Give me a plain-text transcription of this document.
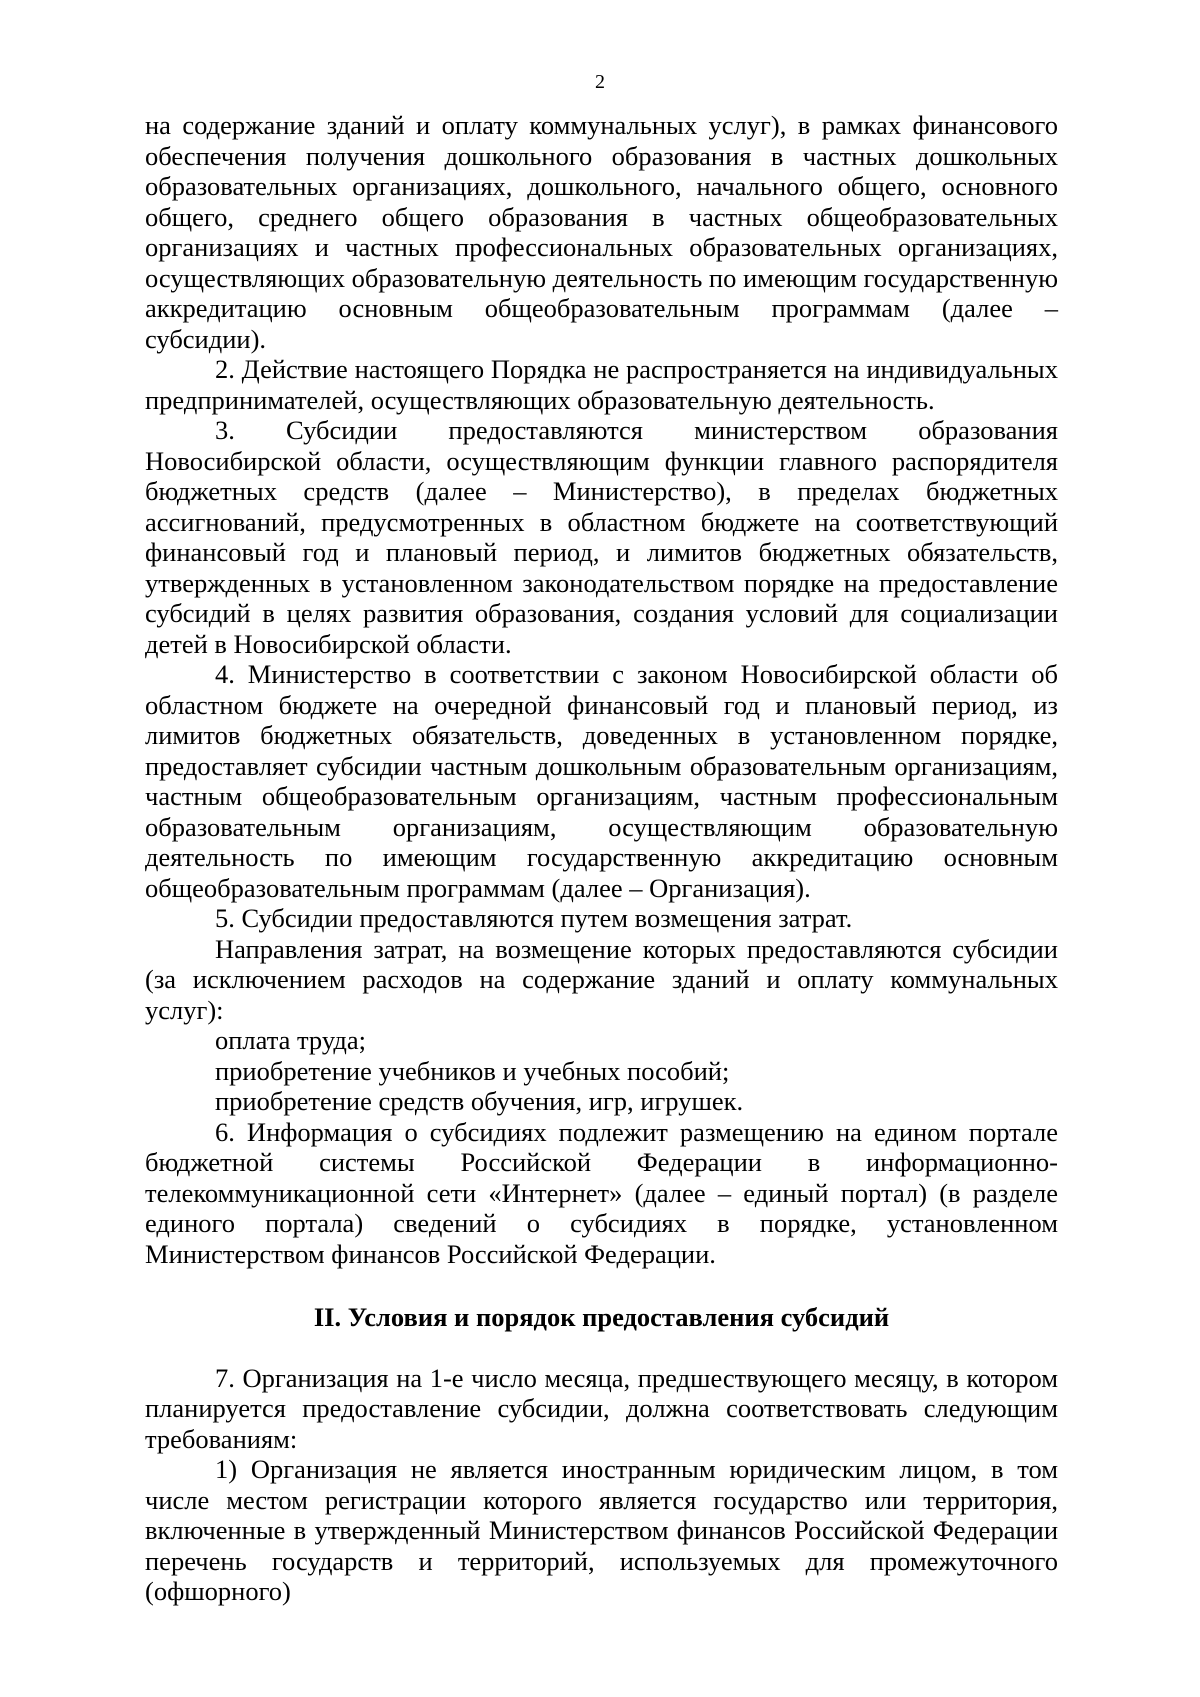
2

на содержание зданий и оплату коммунальных услуг), в рамках финансового обеспечения получения дошкольного образования в частных дошкольных образовательных организациях, дошкольного, начального общего, основного общего, среднего общего образования в частных общеобразовательных организациях и частных профессиональных образовательных организациях, осуществляющих образовательную деятельность по имеющим государственную аккредитацию основным общеобразовательным программам (далее – субсидии).

2. Действие настоящего Порядка не распространяется на индивидуальных предпринимателей, осуществляющих образовательную деятельность.

3. Субсидии предоставляются министерством образования Новосибирской области, осуществляющим функции главного распорядителя бюджетных средств (далее – Министерство), в пределах бюджетных ассигнований, предусмотренных в областном бюджете на соответствующий финансовый год и плановый период, и лимитов бюджетных обязательств, утвержденных в установленном законодательством порядке на предоставление субсидий в целях развития образования, создания условий для социализации детей в Новосибирской области.

4. Министерство в соответствии с законом Новосибирской области об областном бюджете на очередной финансовый год и плановый период, из лимитов бюджетных обязательств, доведенных в установленном порядке, предоставляет субсидии частным дошкольным образовательным организациям, частным общеобразовательным организациям, частным профессиональным образовательным организациям, осуществляющим образовательную деятельность по имеющим государственную аккредитацию основным общеобразовательным программам (далее – Организация).

5. Субсидии предоставляются путем возмещения затрат.

Направления затрат, на возмещение которых предоставляются субсидии (за исключением расходов на содержание зданий и оплату коммунальных услуг):

оплата труда;

приобретение учебников и учебных пособий;

приобретение средств обучения, игр, игрушек.

6. Информация о субсидиях подлежит размещению на едином портале бюджетной системы Российской Федерации в информационно-телекоммуникационной сети «Интернет» (далее – единый портал) (в разделе единого портала) сведений о субсидиях в порядке, установленном Министерством финансов Российской Федерации.

II. Условия и порядок предоставления субсидий

7. Организация на 1-е число месяца, предшествующего месяцу, в котором планируется предоставление субсидии, должна соответствовать следующим требованиям:

1) Организация не является иностранным юридическим лицом, в том числе местом регистрации которого является государство или территория, включенные в утвержденный Министерством финансов Российской Федерации перечень государств и территорий, используемых для промежуточного (офшорного)
